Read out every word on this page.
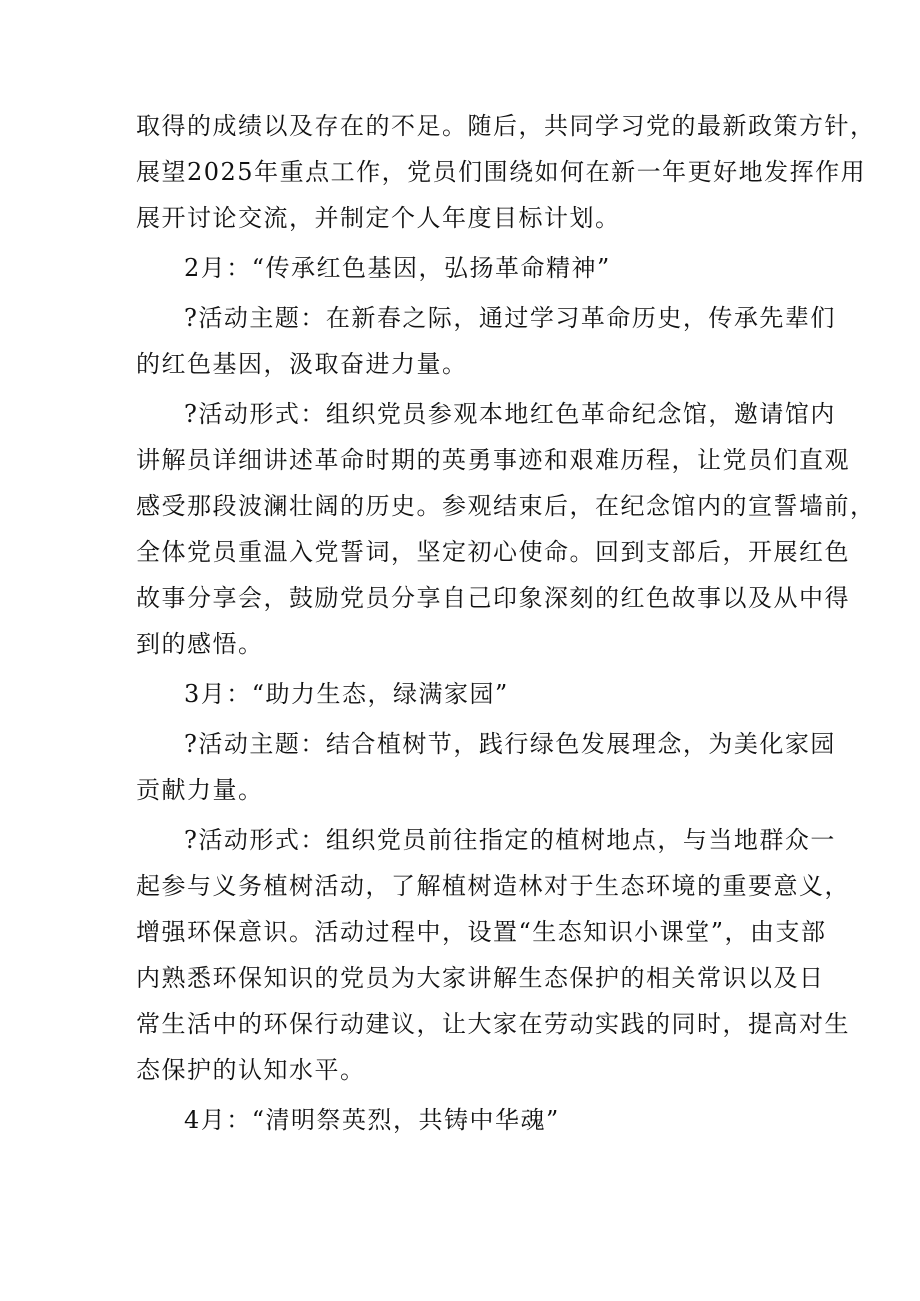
取得的成绩以及存在的不足。随后，共同学习党的最新政策方针，
展望2025年重点工作，党员们围绕如何在新一年更好地发挥作用
展开讨论交流，并制定个人年度目标计划。

2月：“传承红色基因，弘扬革命精神”

?活动主题：在新春之际，通过学习革命历史，传承先辈们
的红色基因，汲取奋进力量。

?活动形式：组织党员参观本地红色革命纪念馆，邀请馆内
讲解员详细讲述革命时期的英勇事迹和艰难历程，让党员们直观
感受那段波澜壮阔的历史。参观结束后，在纪念馆内的宣誓墙前，
全体党员重温入党誓词，坚定初心使命。回到支部后，开展红色
故事分享会，鼓励党员分享自己印象深刻的红色故事以及从中得
到的感悟。

3月：“助力生态，绿满家园”

?活动主题：结合植树节，践行绿色发展理念，为美化家园
贡献力量。

?活动形式：组织党员前往指定的植树地点，与当地群众一
起参与义务植树活动，了解植树造林对于生态环境的重要意义，
增强环保意识。活动过程中，设置“生态知识小课堂”，由支部
内熟悉环保知识的党员为大家讲解生态保护的相关常识以及日
常生活中的环保行动建议，让大家在劳动实践的同时，提高对生
态保护的认知水平。

4月：“清明祭英烈，共铸中华魂”
